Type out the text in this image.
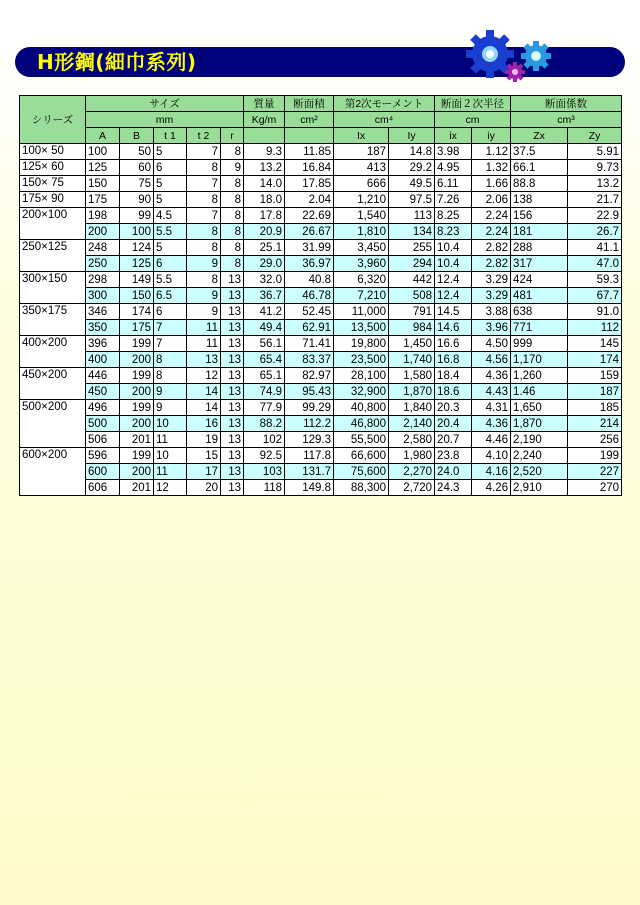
H形鋼(細巾系列)
シリーズ	サイズ					質量	断面積	第2次モーメント		断面２次半径		断面係数	
	mm					Kg/m	cm²	cm⁴		cm		cm³	
	A	B	t 1	t 2	r			Ix	Iy	ix	iy	Zx	Zy
100× 50	100	50	5	7	8	9.3	11.85	187	14.8	3.98	1.12	37.5	5.91
125× 60	125	60	6	8	9	13.2	16.84	413	29.2	4.95	1.32	66.1	9.73
150× 75	150	75	5	7	8	14.0	17.85	666	49.5	6.11	1.66	88.8	13.2
175× 90	175	90	5	8	8	18.0	2.04	1,210	97.5	7.26	2.06	138	21.7
200×100	198	99	4.5	7	8	17.8	22.69	1,540	113	8.25	2.24	156	22.9
	200	100	5.5	8	8	20.9	26.67	1,810	134	8.23	2.24	181	26.7
250×125	248	124	5	8	8	25.1	31.99	3,450	255	10.4	2.82	288	41.1
	250	125	6	9	8	29.0	36.97	3,960	294	10.4	2.82	317	47.0
300×150	298	149	5.5	8	13	32.0	40.8	6,320	442	12.4	3.29	424	59.3
	300	150	6.5	9	13	36.7	46.78	7,210	508	12.4	3.29	481	67.7
350×175	346	174	6	9	13	41.2	52.45	11,000	791	14.5	3.88	638	91.0
	350	175	7	11	13	49.4	62.91	13,500	984	14.6	3.96	771	112
400×200	396	199	7	11	13	56.1	71.41	19,800	1,450	16.6	4.50	999	145
	400	200	8	13	13	65.4	83.37	23,500	1,740	16.8	4.56	1,170	174
450×200	446	199	8	12	13	65.1	82.97	28,100	1,580	18.4	4.36	1,260	159
	450	200	9	14	13	74.9	95.43	32,900	1,870	18.6	4.43	1.46	187
500×200	496	199	9	14	13	77.9	99.29	40,800	1,840	20.3	4.31	1,650	185
	500	200	10	16	13	88.2	112.2	46,800	2,140	20.4	4.36	1,870	214
	506	201	11	19	13	102	129.3	55,500	2,580	20.7	4.46	2,190	256
600×200	596	199	10	15	13	92.5	117.8	66,600	1,980	23.8	4.10	2,240	199
	600	200	11	17	13	103	131.7	75,600	2,270	24.0	4.16	2,520	227
	606	201	12	20	13	118	149.8	88,300	2,720	24.3	4.26	2,910	270
